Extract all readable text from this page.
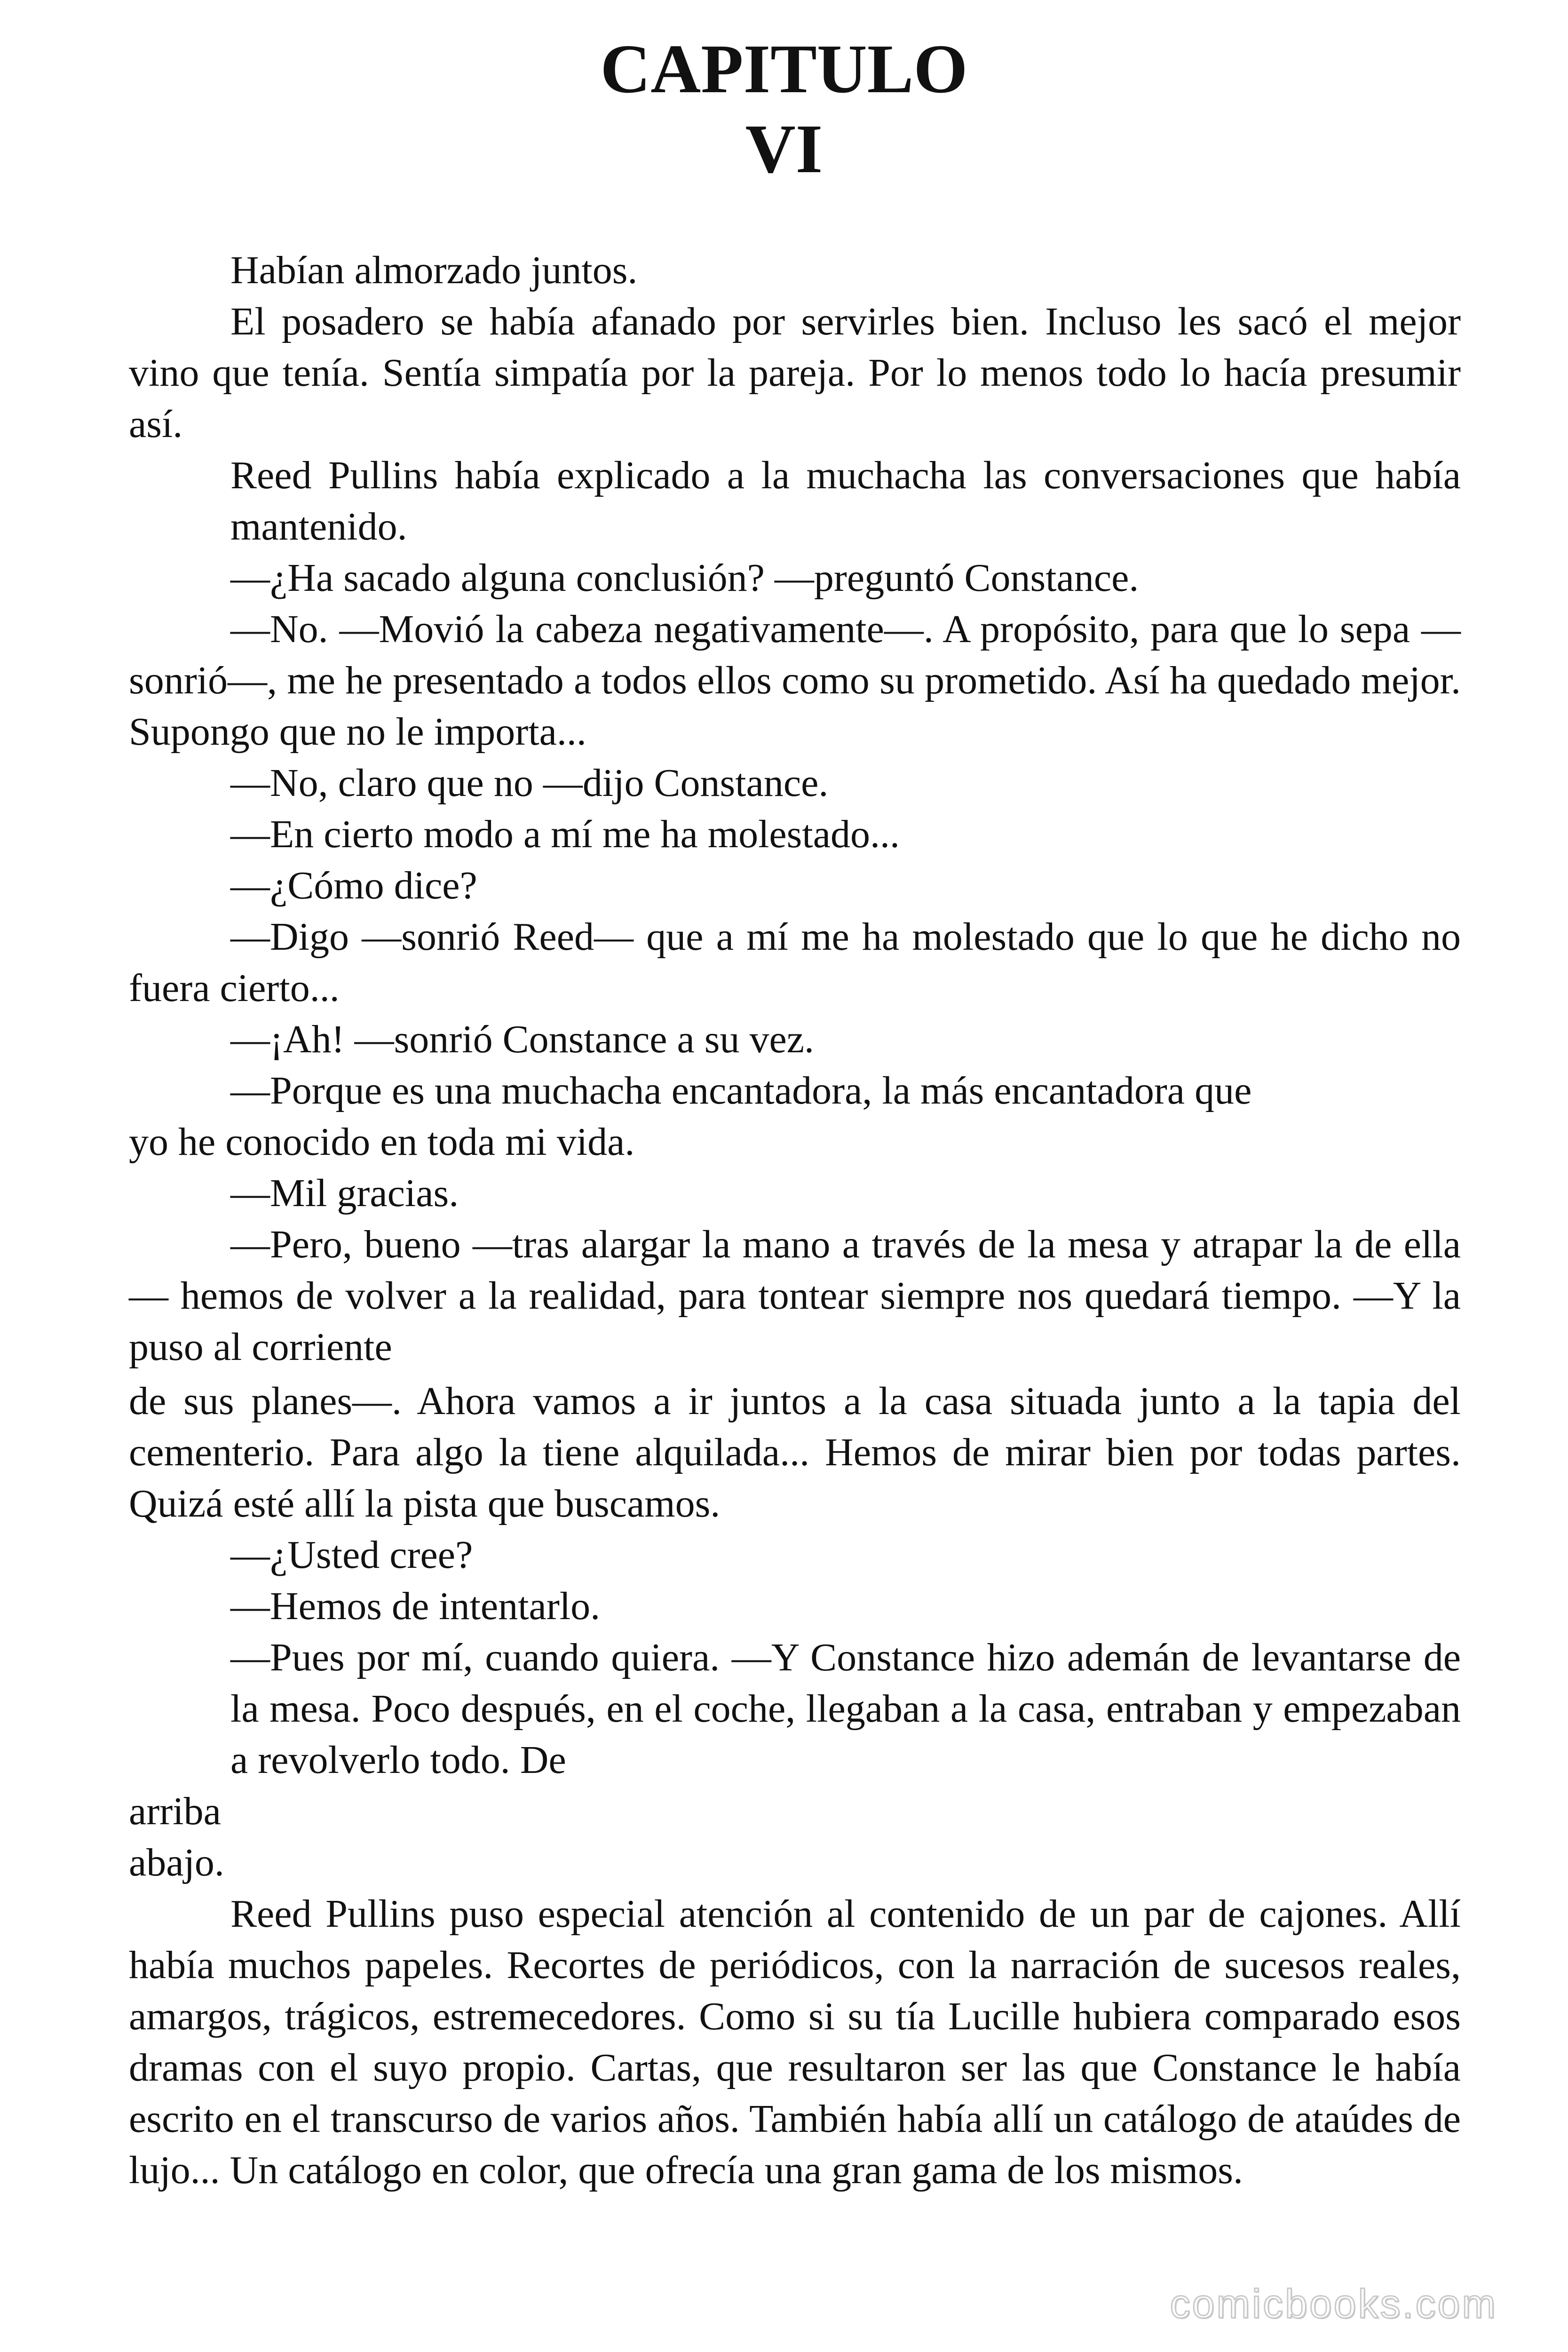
CAPITULO
VI

Habían almorzado juntos.

El posadero se había afanado por servirles bien. Incluso les sacó el mejor vino que tenía. Sentía simpatía por la pareja. Por lo menos todo lo hacía presumir así.

Reed Pullins había explicado a la muchacha las conversaciones que había mantenido.

—¿Ha sacado alguna conclusión? —preguntó Constance.

—No. —Movió la cabeza negativamente—. A propósito, para que lo sepa —sonrió—, me he presentado a todos ellos como su prometido. Así ha quedado mejor. Supongo que no le importa...

—No, claro que no —dijo Constance.

—En cierto modo a mí me ha molestado...

—¿Cómo dice?

—Digo —sonrió Reed— que a mí me ha molestado que lo que he dicho no fuera cierto...

—¡Ah! —sonrió Constance a su vez.

—Porque es una muchacha encantadora, la más encantadora que

yo he conocido en toda mi vida.

—Mil gracias.

—Pero, bueno —tras alargar la mano a través de la mesa y atrapar la de ella— hemos de volver a la realidad, para tontear siempre nos quedará tiempo. —Y la puso al corriente

de sus planes—. Ahora vamos a ir juntos a la casa situada junto a la tapia del cementerio. Para algo la tiene alquilada... Hemos de mirar bien por todas partes. Quizá esté allí la pista que buscamos.

—¿Usted cree?

—Hemos de intentarlo.

—Pues por mí, cuando quiera. —Y Constance hizo ademán de levantarse de la mesa. Poco después, en el coche, llegaban a la casa, entraban y empezaban a revolverlo todo. De

arriba

abajo.

Reed Pullins puso especial atención al contenido de un par de cajones. Allí había muchos papeles. Recortes de periódicos, con la narración de sucesos reales, amargos, trágicos, estremecedores. Como si su tía Lucille hubiera comparado esos dramas con el suyo propio. Cartas, que resultaron ser las que Constance le había escrito en el transcurso de varios años. También había allí un catálogo de ataúdes de lujo... Un catálogo en color, que ofrecía una gran gama de los mismos.

comicbooks.com
